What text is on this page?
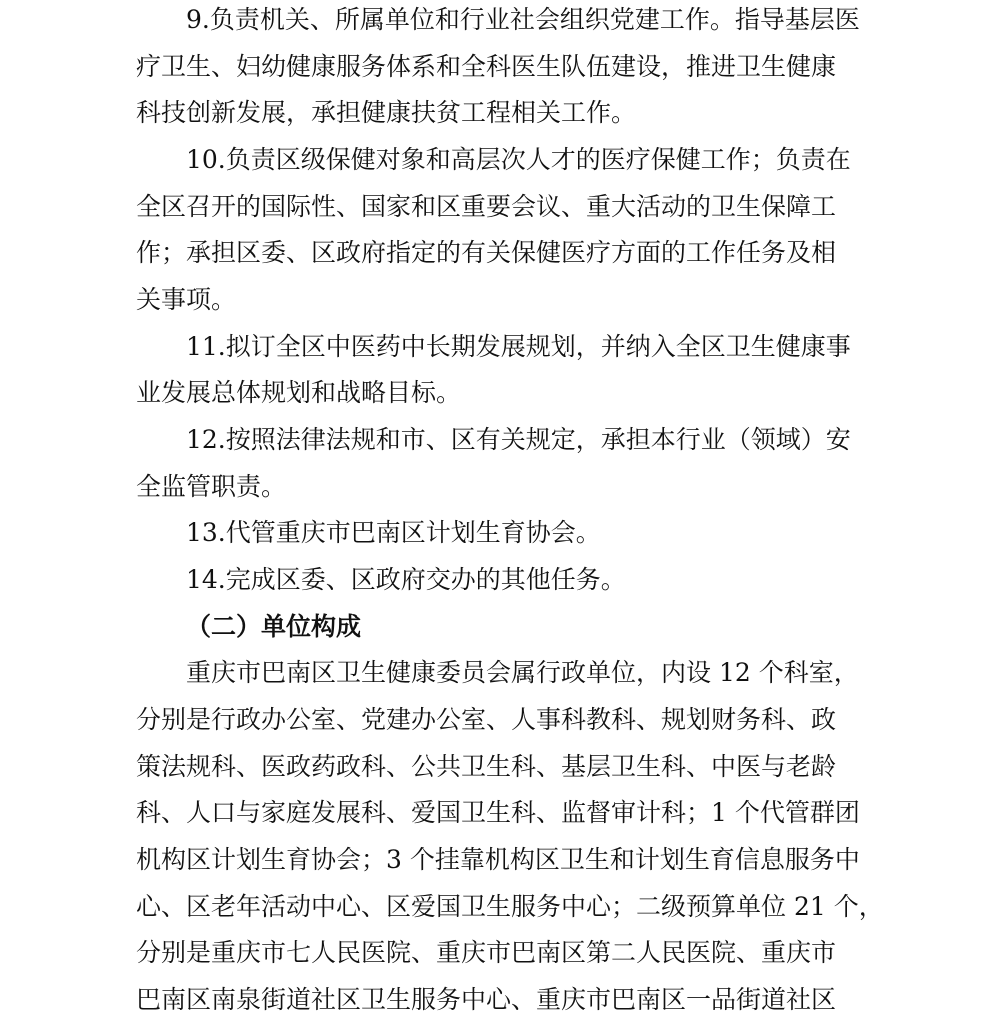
9.负责机关、所属单位和行业社会组织党建工作。指导基层医

疗卫生、妇幼健康服务体系和全科医生队伍建设，推进卫生健康

科技创新发展，承担健康扶贫工程相关工作。

10.负责区级保健对象和高层次人才的医疗保健工作；负责在

全区召开的国际性、国家和区重要会议、重大活动的卫生保障工

作；承担区委、区政府指定的有关保健医疗方面的工作任务及相

关事项。

11.拟订全区中医药中长期发展规划，并纳入全区卫生健康事

业发展总体规划和战略目标。

12.按照法律法规和市、区有关规定，承担本行业（领域）安

全监管职责。

13.代管重庆市巴南区计划生育协会。

14.完成区委、区政府交办的其他任务。

（二）单位构成

重庆市巴南区卫生健康委员会属行政单位，内设 12 个科室，

分别是行政办公室、党建办公室、人事科教科、规划财务科、政

策法规科、医政药政科、公共卫生科、基层卫生科、中医与老龄

科、人口与家庭发展科、爱国卫生科、监督审计科；1 个代管群团

机构区计划生育协会；3 个挂靠机构区卫生和计划生育信息服务中

心、区老年活动中心、区爱国卫生服务中心；二级预算单位 21 个，

分别是重庆市七人民医院、重庆市巴南区第二人民医院、重庆市

巴南区南泉街道社区卫生服务中心、重庆市巴南区一品街道社区
